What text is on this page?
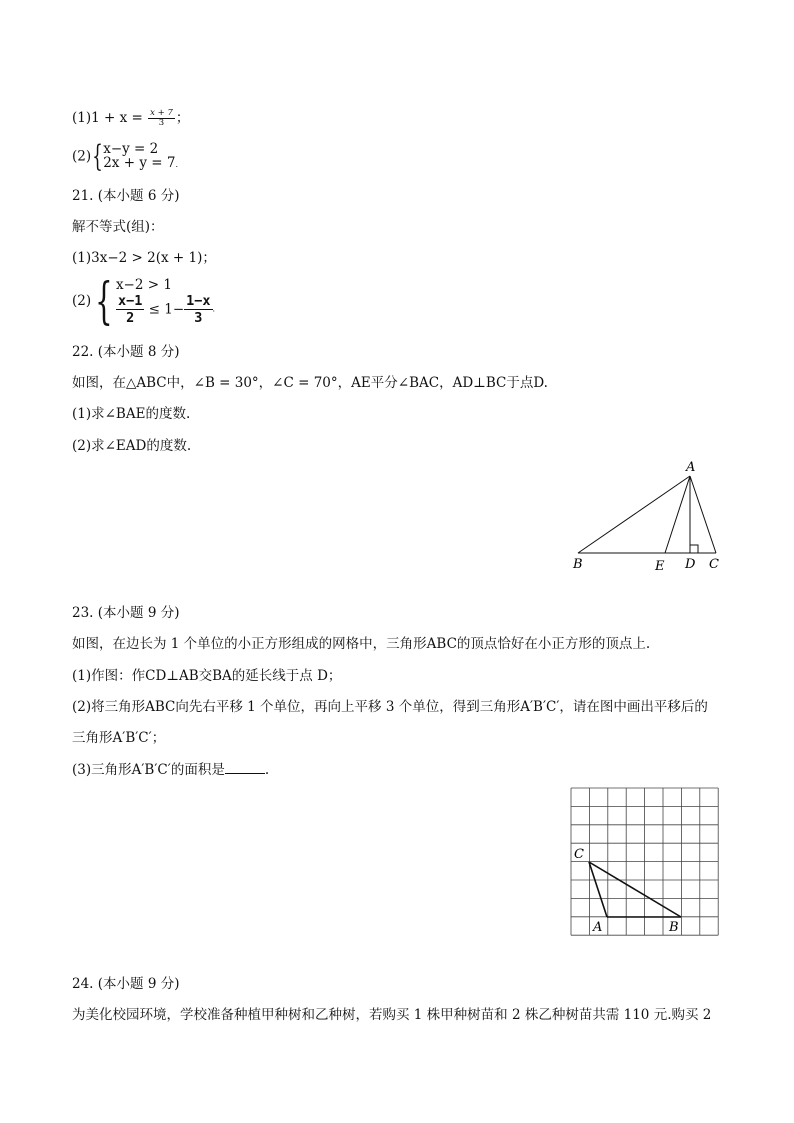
$(1)1 + x = \frac{x + 7}{3}$ ；
(2){ x−y = 2
2x + y = 7.
21. (本小题 6 分)
解不等式(组)：
(1)3x−2 > 2(x + 1)；
(2){ x−2 > 1
$\frac{x-1}{2} \le 1- \frac{1-x}{3}$ .
22. (本小题 8 分)
如图，在△ABC中，∠B = 30°，∠C = 70°，AE平分∠BAC，AD⊥BC于点D.
(1)求∠BAE的度数.
(2)求∠EAD的度数.
A
B	E D C
23. (本小题 9 分)
如图，在边长为 1 个单位的小正方形组成的网格中，三角形ABC的顶点恰好在小正方形的顶点上.
(1)作图：作CD⊥AB交BA的延长线于点 D；
(2)将三角形ABC向先右平移 1 个单位，再向上平移 3 个单位，得到三角形A′B′C′，请在图中画出平移后的
三角形A′B′C′；
(3)三角形A′B′C′的面积是	.
C
A	B
24. (本小题 9 分)
为美化校园环境，学校准备种植甲种树和乙种树，若购买 1 株甲种树苗和 2 株乙种树苗共需 110 元.购买 2
